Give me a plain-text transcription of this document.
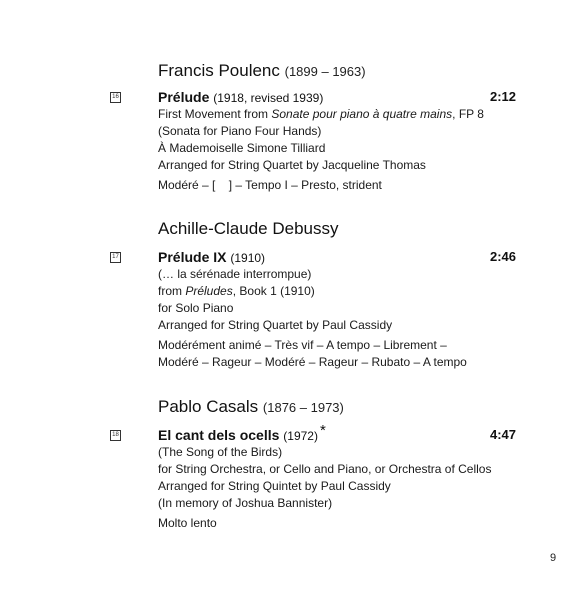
Francis Poulenc (1899 – 1963)
16	Prélude (1918, revised 1939)	2:12
First Movement from Sonate pour piano à quatre mains, FP 8
(Sonata for Piano Four Hands)
À Mademoiselle Simone Tilliard
Arranged for String Quartet by Jacqueline Thomas
Modéré – [    ] – Tempo I – Presto, strident
Achille-Claude Debussy
17	Prélude IX (1910)	2:46
(… la sérénade interrompue)
from Préludes, Book 1 (1910)
for Solo Piano
Arranged for String Quartet by Paul Cassidy
Modérément animé – Très vif – A tempo – Librement –
Modéré – Rageur – Modéré – Rageur – Rubato – A tempo
Pablo Casals (1876 – 1973)
18	El cant dels ocells (1972) *	4:47
(The Song of the Birds)
for String Orchestra, or Cello and Piano, or Orchestra of Cellos
Arranged for String Quintet by Paul Cassidy
(In memory of Joshua Bannister)
Molto lento
9
